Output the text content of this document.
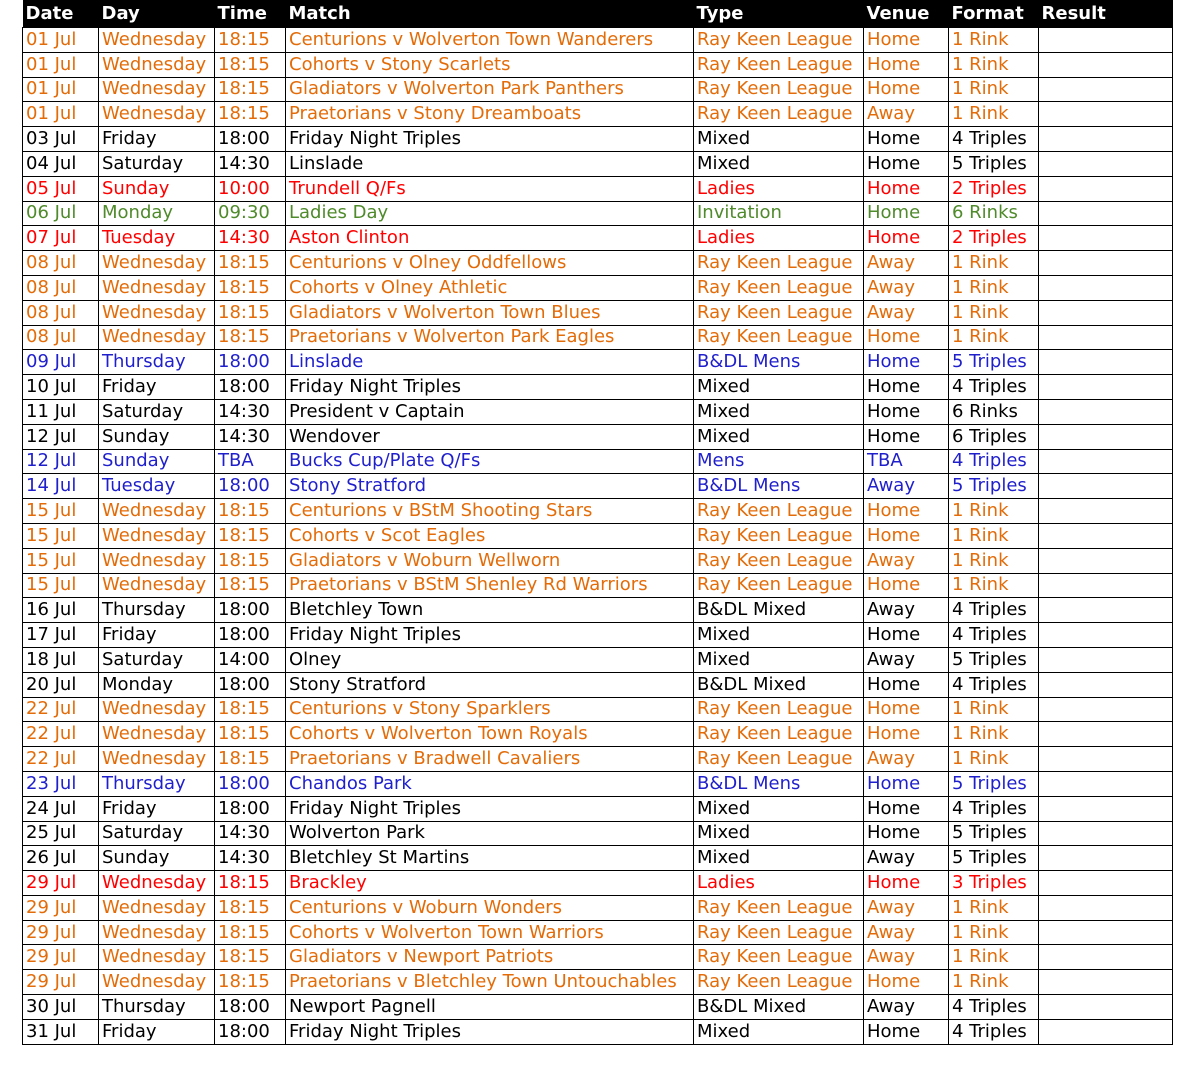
Date	Day	Time	Match	Type	Venue	Format	Result
01 Jul	Wednesday	18:15	Centurions v Wolverton Town Wanderers	Ray Keen League	Home	1 Rink	
01 Jul	Wednesday	18:15	Cohorts v Stony Scarlets	Ray Keen League	Home	1 Rink	
01 Jul	Wednesday	18:15	Gladiators v Wolverton Park Panthers	Ray Keen League	Home	1 Rink	
01 Jul	Wednesday	18:15	Praetorians v Stony Dreamboats	Ray Keen League	Away	1 Rink	
03 Jul	Friday	18:00	Friday Night Triples	Mixed	Home	4 Triples	
04 Jul	Saturday	14:30	Linslade	Mixed	Home	5 Triples	
05 Jul	Sunday	10:00	Trundell Q/Fs	Ladies	Home	2 Triples	
06 Jul	Monday	09:30	Ladies Day	Invitation	Home	6 Rinks	
07 Jul	Tuesday	14:30	Aston Clinton	Ladies	Home	2 Triples	
08 Jul	Wednesday	18:15	Centurions v Olney Oddfellows	Ray Keen League	Away	1 Rink	
08 Jul	Wednesday	18:15	Cohorts v Olney Athletic	Ray Keen League	Away	1 Rink	
08 Jul	Wednesday	18:15	Gladiators v Wolverton Town Blues	Ray Keen League	Away	1 Rink	
08 Jul	Wednesday	18:15	Praetorians v Wolverton Park Eagles	Ray Keen League	Home	1 Rink	
09 Jul	Thursday	18:00	Linslade	B&DL Mens	Home	5 Triples	
10 Jul	Friday	18:00	Friday Night Triples	Mixed	Home	4 Triples	
11 Jul	Saturday	14:30	President v Captain	Mixed	Home	6 Rinks	
12 Jul	Sunday	14:30	Wendover	Mixed	Home	6 Triples	
12 Jul	Sunday	TBA	Bucks Cup/Plate Q/Fs	Mens	TBA	4 Triples	
14 Jul	Tuesday	18:00	Stony Stratford	B&DL Mens	Away	5 Triples	
15 Jul	Wednesday	18:15	Centurions v BStM Shooting Stars	Ray Keen League	Home	1 Rink	
15 Jul	Wednesday	18:15	Cohorts v Scot Eagles	Ray Keen League	Home	1 Rink	
15 Jul	Wednesday	18:15	Gladiators v Woburn Wellworn	Ray Keen League	Away	1 Rink	
15 Jul	Wednesday	18:15	Praetorians v BStM Shenley Rd Warriors	Ray Keen League	Home	1 Rink	
16 Jul	Thursday	18:00	Bletchley Town	B&DL Mixed	Away	4 Triples	
17 Jul	Friday	18:00	Friday Night Triples	Mixed	Home	4 Triples	
18 Jul	Saturday	14:00	Olney	Mixed	Away	5 Triples	
20 Jul	Monday	18:00	Stony Stratford	B&DL Mixed	Home	4 Triples	
22 Jul	Wednesday	18:15	Centurions v Stony Sparklers	Ray Keen League	Home	1 Rink	
22 Jul	Wednesday	18:15	Cohorts v Wolverton Town Royals	Ray Keen League	Home	1 Rink	
22 Jul	Wednesday	18:15	Praetorians v Bradwell Cavaliers	Ray Keen League	Away	1 Rink	
23 Jul	Thursday	18:00	Chandos Park	B&DL Mens	Home	5 Triples	
24 Jul	Friday	18:00	Friday Night Triples	Mixed	Home	4 Triples	
25 Jul	Saturday	14:30	Wolverton Park	Mixed	Home	5 Triples	
26 Jul	Sunday	14:30	Bletchley St Martins	Mixed	Away	5 Triples	
29 Jul	Wednesday	18:15	Brackley	Ladies	Home	3 Triples	
29 Jul	Wednesday	18:15	Centurions v Woburn Wonders	Ray Keen League	Away	1 Rink	
29 Jul	Wednesday	18:15	Cohorts v Wolverton Town Warriors	Ray Keen League	Away	1 Rink	
29 Jul	Wednesday	18:15	Gladiators v Newport Patriots	Ray Keen League	Away	1 Rink	
29 Jul	Wednesday	18:15	Praetorians v Bletchley Town Untouchables	Ray Keen League	Home	1 Rink	
30 Jul	Thursday	18:00	Newport Pagnell	B&DL Mixed	Away	4 Triples	
31 Jul	Friday	18:00	Friday Night Triples	Mixed	Home	4 Triples	
